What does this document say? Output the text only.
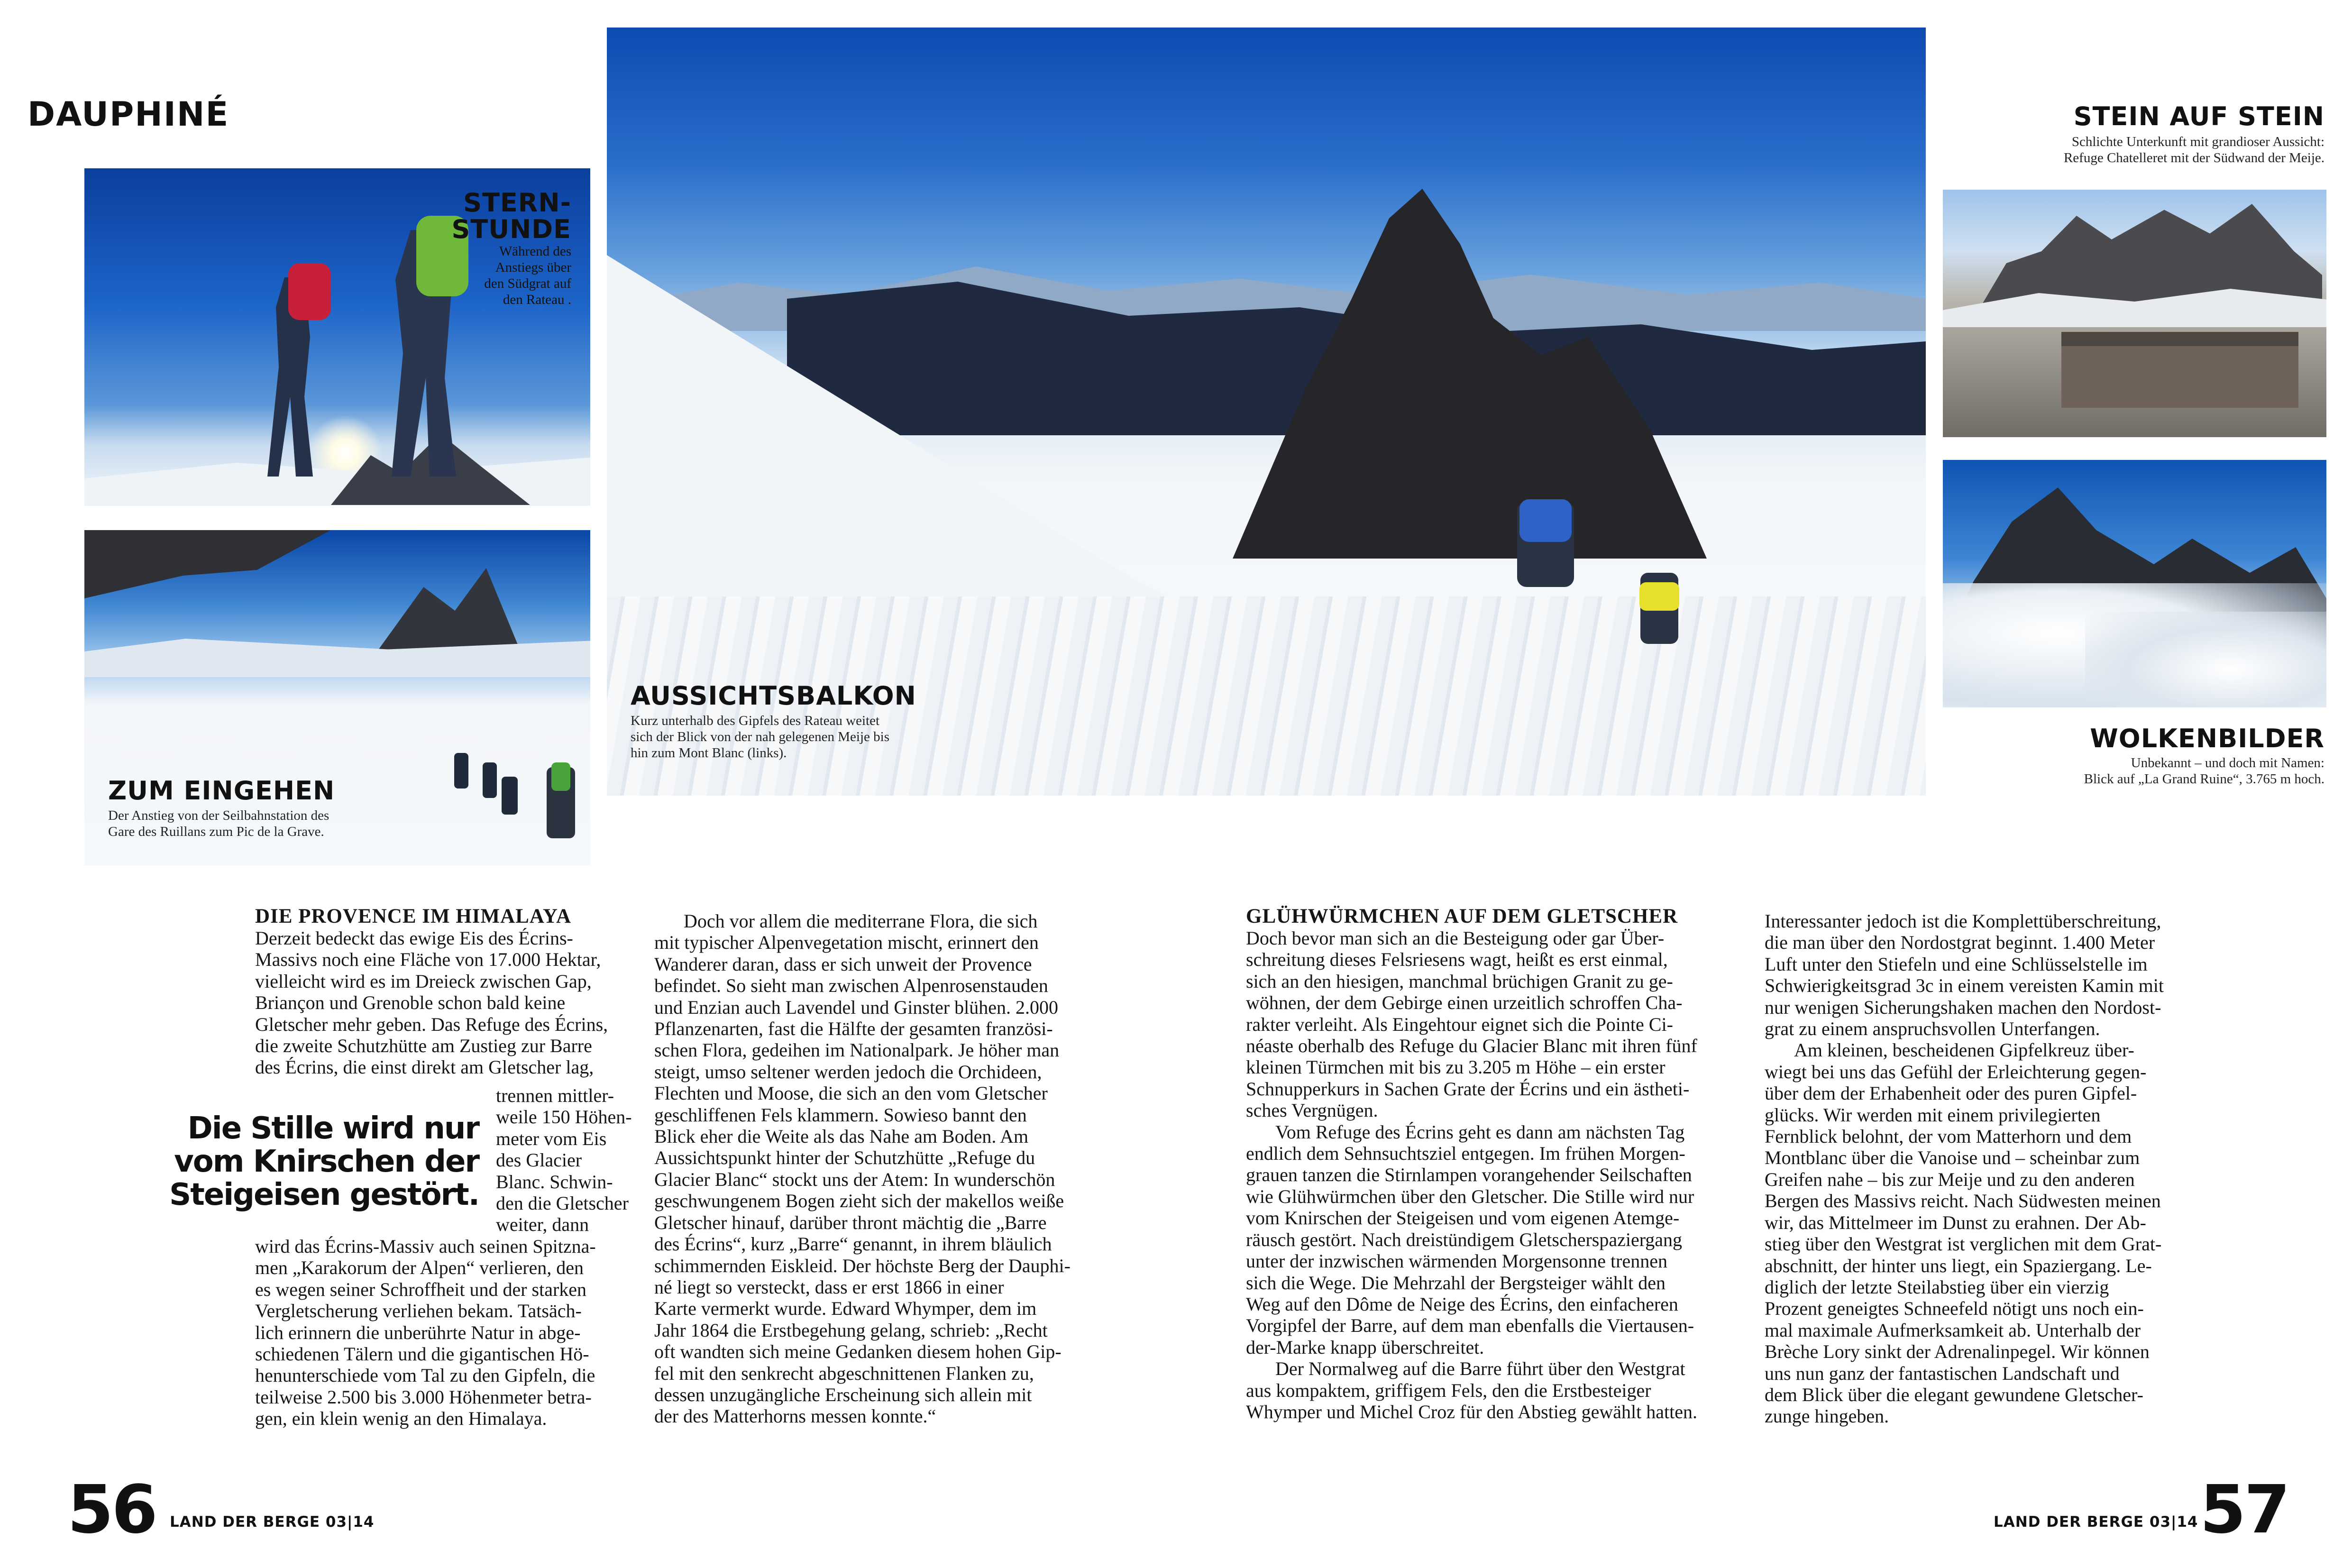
DAUPHINÉ
STERN-
STUNDE
Während des
Anstiegs über
den Südgrat auf
den Rateau .
ZUM EINGEHEN
Der Anstieg von der Seilbahnstation des
Gare des Ruillans zum Pic de la Grave.
AUSSICHTSBALKON
Kurz unterhalb des Gipfels des Rateau weitet
sich der Blick von der nah gelegenen Meije bis
hin zum Mont Blanc (links).
STEIN AUF STEIN
Schlichte Unterkunft mit grandioser Aussicht:
Refuge Chatelleret mit der Südwand der Meije.
WOLKENBILDER
Unbekannt – und doch mit Namen:
Blick auf „La Grand Ruine“, 3.765 m hoch.

DIE PROVENCE IM HIMALAYA

Derzeit bedeckt das ewige Eis des Écrins-
Massivs noch eine Fläche von 17.000 Hektar,
vielleicht wird es im Dreieck zwischen Gap,
Briançon und Grenoble schon bald keine
Gletscher mehr geben. Das Refuge des Écrins,
die zweite Schutzhütte am Zustieg zur Barre
des Écrins, die einst direkt am Gletscher lag,

trennen mittler-
weile 150 Höhen-
meter vom Eis
des Glacier
Blanc. Schwin-
den die Gletscher
weiter, dann

wird das Écrins-Massiv auch seinen Spitzna-
men „Karakorum der Alpen“ verlieren, den
es wegen seiner Schroffheit und der starken
Vergletscherung verliehen bekam. Tatsäch-
lich erinnern die unberührte Natur in abge-
schiedenen Tälern und die gigantischen Hö-
henunterschiede vom Tal zu den Gipfeln, die
teilweise 2.500 bis 3.000 Höhenmeter betra-
gen, ein klein wenig an den Himalaya.

Die Stille wird nur
vom Knirschen der
Steigeisen gestört.

Doch vor allem die mediterrane Flora, die sich
mit typischer Alpenvegetation mischt, erinnert den
Wanderer daran, dass er sich unweit der Provence
befindet. So sieht man zwischen Alpenrosenstauden
und Enzian auch Lavendel und Ginster blühen. 2.000
Pflanzenarten, fast die Hälfte der gesamten französi-
schen Flora, gedeihen im Nationalpark. Je höher man
steigt, umso seltener werden jedoch die Orchideen,
Flechten und Moose, die sich an den vom Gletscher
geschliffenen Fels klammern. Sowieso bannt den
Blick eher die Weite als das Nahe am Boden. Am
Aussichtspunkt hinter der Schutzhütte „Refuge du
Glacier Blanc“ stockt uns der Atem: In wunderschön
geschwungenem Bogen zieht sich der makellos weiße
Gletscher hinauf, darüber thront mächtig die „Barre
des Écrins“, kurz „Barre“ genannt, in ihrem bläulich
schimmernden Eiskleid. Der höchste Berg der Dauphi-
né liegt so versteckt, dass er erst 1866 in einer
Karte vermerkt wurde. Edward Whymper, dem im
Jahr 1864 die Erstbegehung gelang, schrieb: „Recht
oft wandten sich meine Gedanken diesem hohen Gip-
fel mit den senkrecht abgeschnittenen Flanken zu,
dessen unzugängliche Erscheinung sich allein mit
der des Matterhorns messen konnte.“

GLÜHWÜRMCHEN AUF DEM GLETSCHER

Doch bevor man sich an die Besteigung oder gar Über-
schreitung dieses Felsriesens wagt, heißt es erst einmal,
sich an den hiesigen, manchmal brüchigen Granit zu ge-
wöhnen, der dem Gebirge einen urzeitlich schroffen Cha-
rakter verleiht. Als Eingehtour eignet sich die Pointe Ci-
néaste oberhalb des Refuge du Glacier Blanc mit ihren fünf
kleinen Türmchen mit bis zu 3.205 m Höhe – ein erster
Schnupperkurs in Sachen Grate der Écrins und ein ästheti-
sches Vergnügen.

Vom Refuge des Écrins geht es dann am nächsten Tag
endlich dem Sehnsuchtsziel entgegen. Im frühen Morgen-
grauen tanzen die Stirnlampen vorangehender Seilschaften
wie Glühwürmchen über den Gletscher. Die Stille wird nur
vom Knirschen der Steigeisen und vom eigenen Atemge-
räusch gestört. Nach dreistündigem Gletscherspaziergang
unter der inzwischen wärmenden Morgensonne trennen
sich die Wege. Die Mehrzahl der Bergsteiger wählt den
Weg auf den Dôme de Neige des Écrins, den einfacheren
Vorgipfel der Barre, auf dem man ebenfalls die Viertausen-
der-Marke knapp überschreitet.

Der Normalweg auf die Barre führt über den Westgrat
aus kompaktem, griffigem Fels, den die Erstbesteiger
Whymper und Michel Croz für den Abstieg gewählt hatten.

Interessanter jedoch ist die Komplettüberschreitung,
die man über den Nordostgrat beginnt. 1.400 Meter
Luft unter den Stiefeln und eine Schlüsselstelle im
Schwierigkeitsgrad 3c in einem vereisten Kamin mit
nur wenigen Sicherungshaken machen den Nordost-
grat zu einem anspruchsvollen Unterfangen.

Am kleinen, bescheidenen Gipfelkreuz über-
wiegt bei uns das Gefühl der Erleichterung gegen-
über dem der Erhabenheit oder des puren Gipfel-
glücks. Wir werden mit einem privilegierten
Fernblick belohnt, der vom Matterhorn und dem
Montblanc über die Vanoise und – scheinbar zum
Greifen nahe – bis zur Meije und zu den anderen
Bergen des Massivs reicht. Nach Südwesten meinen
wir, das Mittelmeer im Dunst zu erahnen. Der Ab-
stieg über den Westgrat ist verglichen mit dem Grat-
abschnitt, der hinter uns liegt, ein Spaziergang. Le-
diglich der letzte Steilabstieg über ein vierzig
Prozent geneigtes Schneefeld nötigt uns noch ein-
mal maximale Aufmerksamkeit ab. Unterhalb der
Brèche Lory sinkt der Adrenalinpegel. Wir können
uns nun ganz der fantastischen Landschaft und
dem Blick über die elegant gewundene Gletscher-
zunge hingeben.

56 LAND DER BERGE 03|14	LAND DER BERGE 03|14 57
